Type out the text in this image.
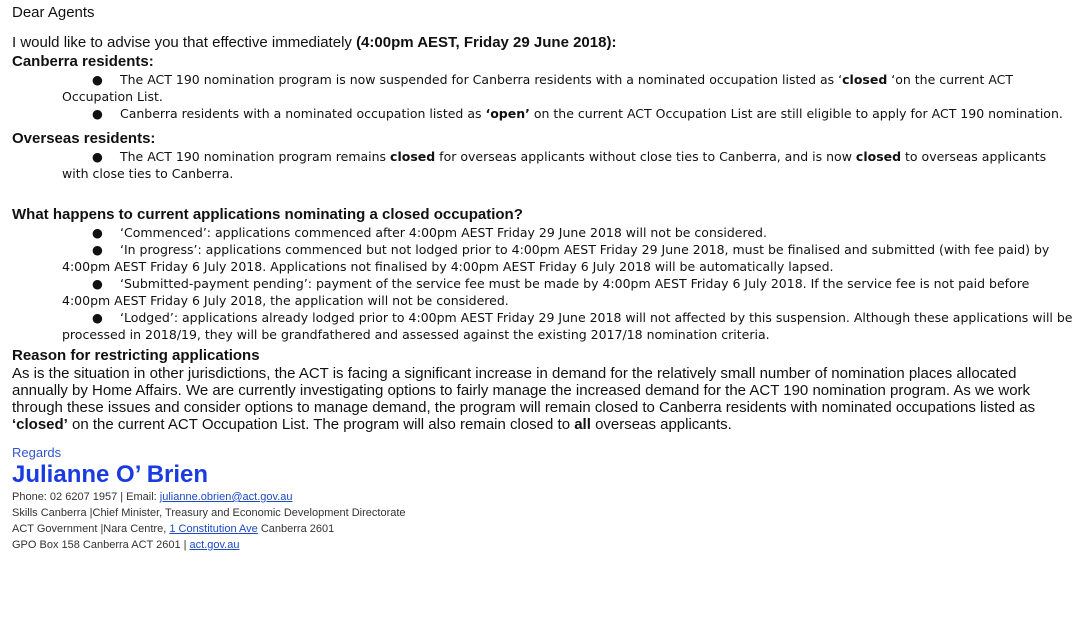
Dear Agents
I would like to advise you that effective immediately (4:00pm AEST, Friday 29 June 2018):
Canberra residents:
● The ACT 190 nomination program is now suspended for Canberra residents with a nominated occupation listed as ‘closed ‘on the current ACT Occupation List.
● Canberra residents with a nominated occupation listed as ‘open’ on the current ACT Occupation List are still eligible to apply for ACT 190 nomination.
Overseas residents:
● The ACT 190 nomination program remains closed for overseas applicants without close ties to Canberra, and is now closed to overseas applicants with close ties to Canberra.
What happens to current applications nominating a closed occupation?
● ‘Commenced’: applications commenced after 4:00pm AEST Friday 29 June 2018 will not be considered.
● ‘In progress’: applications commenced but not lodged prior to 4:00pm AEST Friday 29 June 2018, must be finalised and submitted (with fee paid) by 4:00pm AEST Friday 6 July 2018. Applications not finalised by 4:00pm AEST Friday 6 July 2018 will be automatically lapsed.
● ‘Submitted-payment pending’: payment of the service fee must be made by 4:00pm AEST Friday 6 July 2018. If the service fee is not paid before 4:00pm AEST Friday 6 July 2018, the application will not be considered.
● ‘Lodged’: applications already lodged prior to 4:00pm AEST Friday 29 June 2018 will not affected by this suspension. Although these applications will be processed in 2018/19, they will be grandfathered and assessed against the existing 2017/18 nomination criteria.
Reason for restricting applications

As is the situation in other jurisdictions, the ACT is facing a significant increase in demand for the relatively small number of nomination places allocated annually by Home Affairs. We are currently investigating options to fairly manage the increased demand for the ACT 190 nomination program. As we work through these issues and consider options to manage demand, the program will remain closed to Canberra residents with nominated occupations listed as ‘closed’ on the current ACT Occupation List. The program will also remain closed to all overseas applicants.

Regards
Julianne O’ Brien
Phone: 02 6207 1957 | Email: julianne.obrien@act.gov.au
Skills Canberra |Chief Minister, Treasury and Economic Development Directorate
ACT Government |Nara Centre, 1 Constitution Ave Canberra 2601
GPO Box 158 Canberra ACT 2601 | act.gov.au
